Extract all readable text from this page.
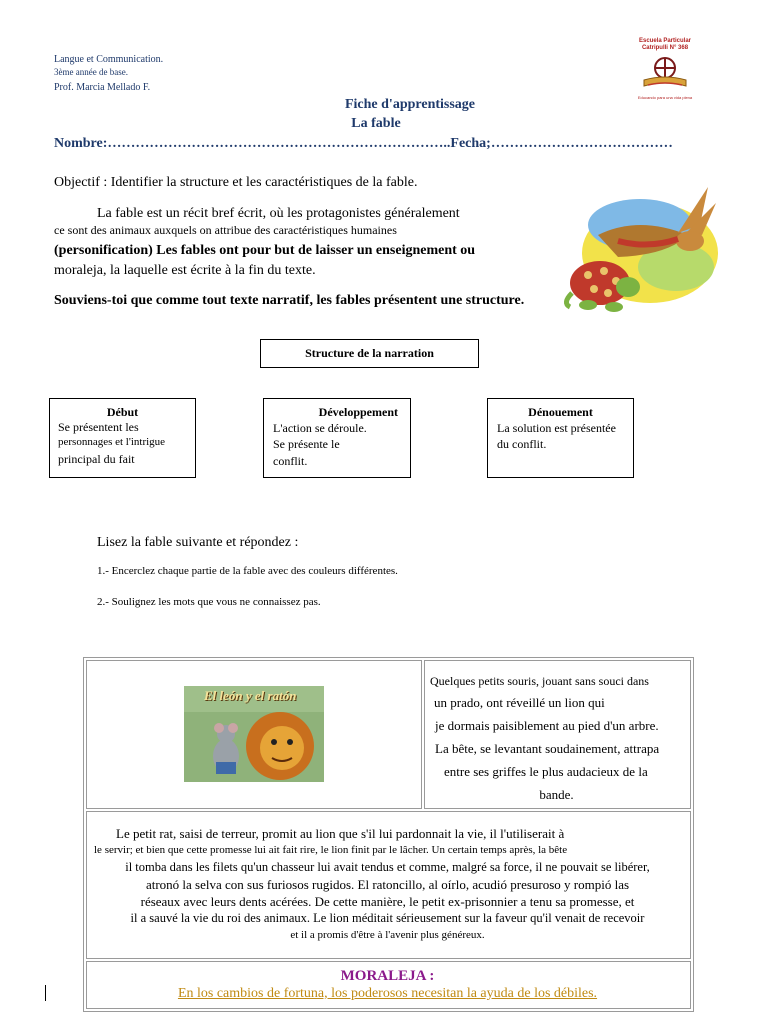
Langue et Communication.
3ème année de base.
Prof. Marcia Mellado F.
Escuela Particular
Catripulli N° 368
Educando para una vida plena
Fiche d'apprentissage
La fable
Nombre:………………………………………………………………..Fecha;…………………………………
Objectif : Identifier la structure et les caractéristiques de la fable.
La fable est un récit bref écrit, où les protagonistes généralement
ce sont des animaux auxquels on attribue des caractéristiques humaines
(personification) Les fables ont pour but de laisser un enseignement ou
moraleja, la laquelle est écrite à la fin du texte.
Souviens-toi que comme tout texte narratif, les fables présentent une structure.
Structure de la narration
Début
Se présentent les
personnages et l'intrigue
principal du fait
Développement
L'action se déroule.
Se présente le
conflit.
Dénouement
La solution est présentée
du conflit.
Lisez la fable suivante et répondez :
1.- Encerclez chaque partie de la fable avec des couleurs différentes.
2.- Soulignez les mots que vous ne connaissez pas.
El león y el ratón
Quelques petits souris, jouant sans souci dans
un prado, ont réveillé un lion qui
je dormais paisiblement au pied d'un arbre.
La bête, se levantant soudainement, attrapa
entre ses griffes le plus audacieux de la
bande.
Le petit rat, saisi de terreur, promit au lion que s'il lui pardonnait la vie, il l'utiliserait à
le servir; et bien que cette promesse lui ait fait rire, le lion finit par le lâcher. Un certain temps après, la bête
il tomba dans les filets qu'un chasseur lui avait tendus et comme, malgré sa force, il ne pouvait se libérer,
atronó la selva con sus furiosos rugidos. El ratoncillo, al oírlo, acudió presuroso y rompió las
réseaux avec leurs dents acérées. De cette manière, le petit ex-prisonnier a tenu sa promesse, et
il a sauvé la vie du roi des animaux. Le lion méditait sérieusement sur la faveur qu'il venait de recevoir
et il a promis d'être à l'avenir plus généreux.
MORALEJA :
En los cambios de fortuna, los poderosos necesitan la ayuda de los débiles.
